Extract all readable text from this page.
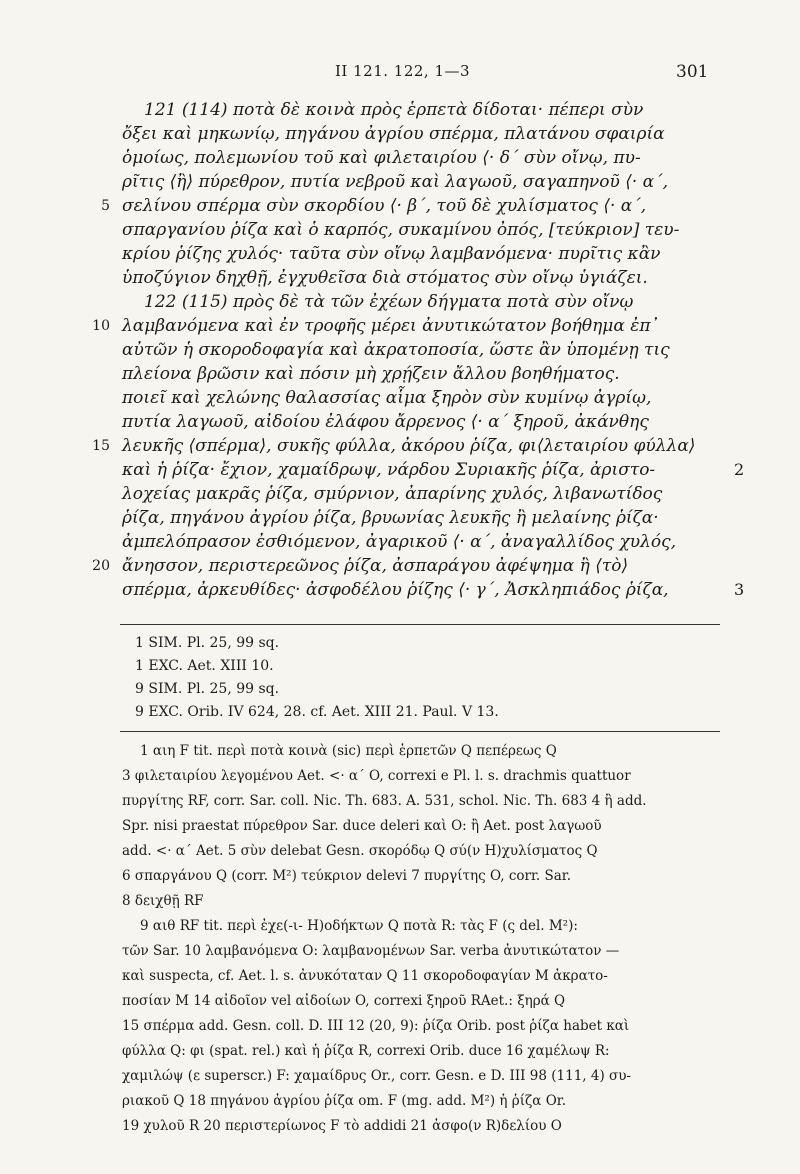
II 121. 122, 1—3	301
121 (114) ποτὰ δὲ κοινὰ πρὸς ἑρπετὰ δίδοται· πέπερι σὺν
ὄξει καὶ μηκωνίῳ, πηγάνου ἀγρίου σπέρμα, πλατάνου σφαιρία
ὁμοίως, πολεμωνίου τοῦ καὶ φιλεταιρίου ⟨· δ´ σὺν οἴνῳ, πυ-
ρῖτις ⟨ἢ⟩ πύρεθρον, πυτία νεβροῦ καὶ λαγωοῦ, σαγαπηνοῦ ⟨· α´,
5 σελίνου σπέρμα σὺν σκορδίου ⟨· β´, τοῦ δὲ χυλίσματος ⟨· α´,
σπαργανίου ῥίζα καὶ ὁ καρπός, συκαμίνου ὀπός, [τεύκριον] τευ-
κρίου ῥίζης χυλός· ταῦτα σὺν οἴνῳ λαμβανόμενα· πυρῖτις κἂν
ὑποζύγιον δηχθῇ, ἐγχυθεῖσα διὰ στόματος σὺν οἴνῳ ὑγιάζει.
122 (115) πρὸς δὲ τὰ τῶν ἐχέων δήγματα ποτὰ σὺν οἴνῳ
10 λαμβανόμενα καὶ ἐν τροφῆς μέρει ἀνυτικώτατον βοήθημα ἐπ᾿
αὐτῶν ἡ σκοροδοφαγία καὶ ἀκρατοποσία, ὥστε ἂν ὑπομένῃ τις
πλείονα βρῶσιν καὶ πόσιν μὴ χρῄζειν ἄλλου βοηθήματος.
ποιεῖ καὶ χελώνης θαλασσίας αἷμα ξηρὸν σὺν κυμίνῳ ἀγρίῳ,
πυτία λαγωοῦ, αἰδοίου ἐλάφου ἄρρενος ⟨· α´ ξηροῦ, ἀκάνθης
15 λευκῆς ⟨σπέρμα⟩, συκῆς φύλλα, ἀκόρου ῥίζα, φι⟨λεταιρίου φύλλα⟩
καὶ ἡ ῥίζα· ἔχιον, χαμαίδρωψ, νάρδου Συριακῆς ῥίζα, ἀριστο-	2
λοχείας μακρᾶς ῥίζα, σμύρνιον, ἀπαρίνης χυλός, λιβανωτίδος
ῥίζα, πηγάνου ἀγρίου ῥίζα, βρυωνίας λευκῆς ἢ μελαίνης ῥίζα·
ἀμπελόπρασον ἐσθιόμενον, ἀγαρικοῦ ⟨· α´, ἀναγαλλίδος χυλός,
20 ἄνησσον, περιστερεῶνος ῥίζα, ἀσπαράγου ἀφέψημα ἢ ⟨τὸ⟩
σπέρμα, ἀρκευθίδες· ἀσφοδέλου ῥίζης ⟨· γ´, Ἀσκληπιάδος ῥίζα,	3
1 SIM. Pl. 25, 99 sq.
1 EXC. Aet. XIII 10.
9 SIM. Pl. 25, 99 sq.
9 EXC. Orib. IV 624, 28. cf. Aet. XIII 21. Paul. V 13.
1 αιη F tit. περὶ ποτὰ κοινὰ (sic) περὶ ἑρπετῶν Q πεπέρεως Q
3 φιλεταιρίου λεγομένου Aet. <· α´ O, correxi e Pl. l. s. drachmis quattuor
πυργίτης RF, corr. Sar. coll. Nic. Th. 683. A. 531, schol. Nic. Th. 683 4 ἢ add.
Spr. nisi praestat πύρεθρον Sar. duce deleri καὶ O: ἢ Aet. post λαγωοῦ
add. <· α´ Aet. 5 σὺν delebat Gesn. σκορόδῳ Q σύ(ν H)χυλίσματος Q
6 σπαργάνου Q (corr. M²) τεύκριον delevi 7 πυργίτης O, corr. Sar.
8 δειχθῇ RF
9 αιθ RF tit. περὶ ἐχε(-ι- H)οδήκτων Q ποτὰ R: τὰς F (ς del. M²):
τῶν Sar. 10 λαμβανόμενα O: λαμβανομένων Sar. verba ἀνυτικώτατον —
καὶ suspecta, cf. Aet. l. s. ἀνυκόταταν Q 11 σκοροδοφαγίαν M ἀκρατο-
ποσίαν M 14 αἰδοῖον vel αἰδοίων O, correxi ξηροῦ RAet.: ξηρά Q
15 σπέρμα add. Gesn. coll. D. III 12 (20, 9): ῥίζα Orib. post ῥίζα habet καὶ
φύλλα Q: φι (spat. rel.) καὶ ἡ ῥίζα R, correxi Orib. duce 16 χαμέλωψ R:
χαμιλώψ (ε superscr.) F: χαμαίδρυς Or., corr. Gesn. e D. III 98 (111, 4) συ-
ριακοῦ Q 18 πηγάνου ἀγρίου ῥίζα om. F (mg. add. M²) ἡ ῥίζα Or.
19 χυλοῦ R 20 περιστερίωνος F τὸ addidi 21 ἀσφο(ν R)δελίου O
